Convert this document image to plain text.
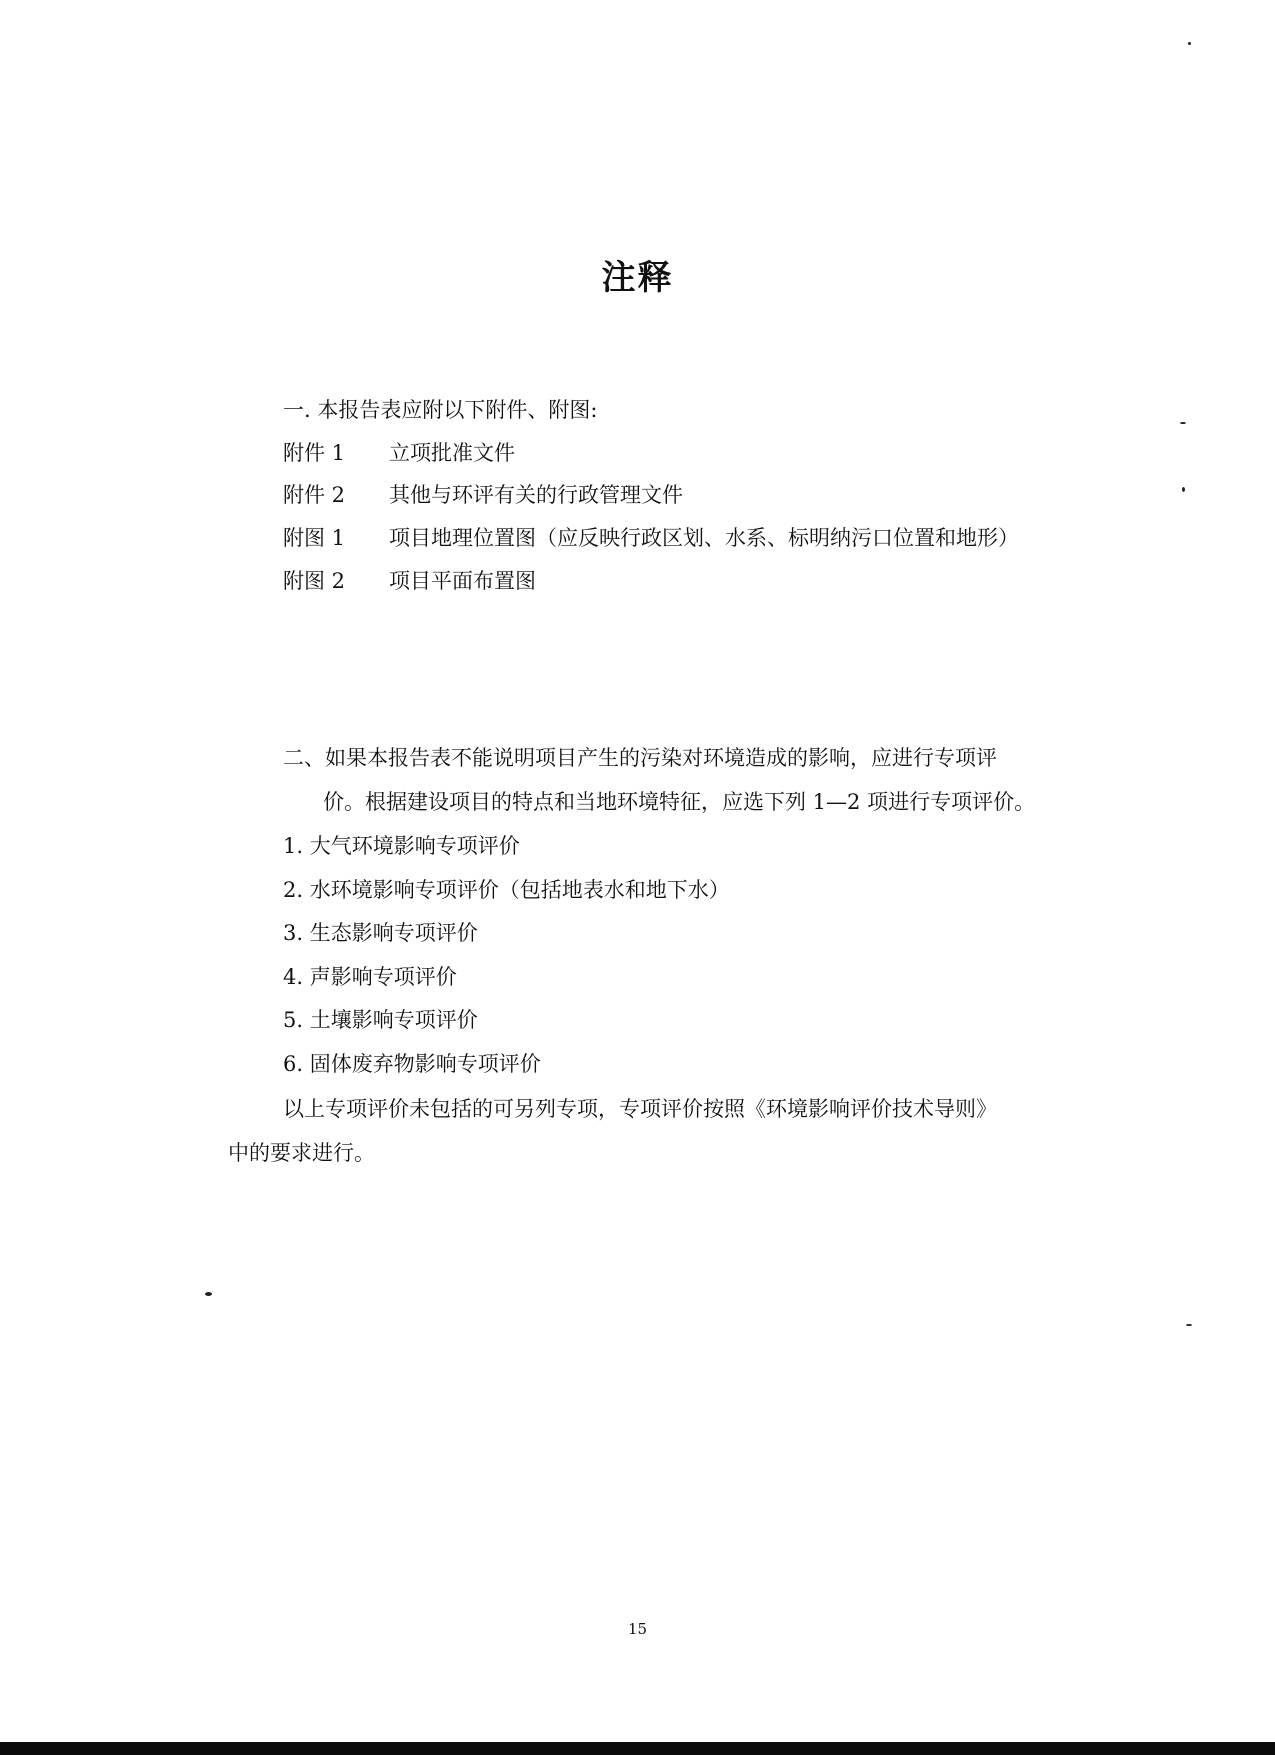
注释
一. 本报告表应附以下附件、附图:
附件 1 立项批准文件
附件 2 其他与环评有关的行政管理文件
附图 1 项目地理位置图（应反映行政区划、水系、标明纳污口位置和地形）
附图 2 项目平面布置图
二、如果本报告表不能说明项目产生的污染对环境造成的影响，应进行专项评
价。根据建设项目的特点和当地环境特征，应选下列 1—2 项进行专项评价。
1. 大气环境影响专项评价
2. 水环境影响专项评价（包括地表水和地下水）
3. 生态影响专项评价
4. 声影响专项评价
5. 土壤影响专项评价
6. 固体废弃物影响专项评价
以上专项评价未包括的可另列专项，专项评价按照《环境影响评价技术导则》
中的要求进行。
15
